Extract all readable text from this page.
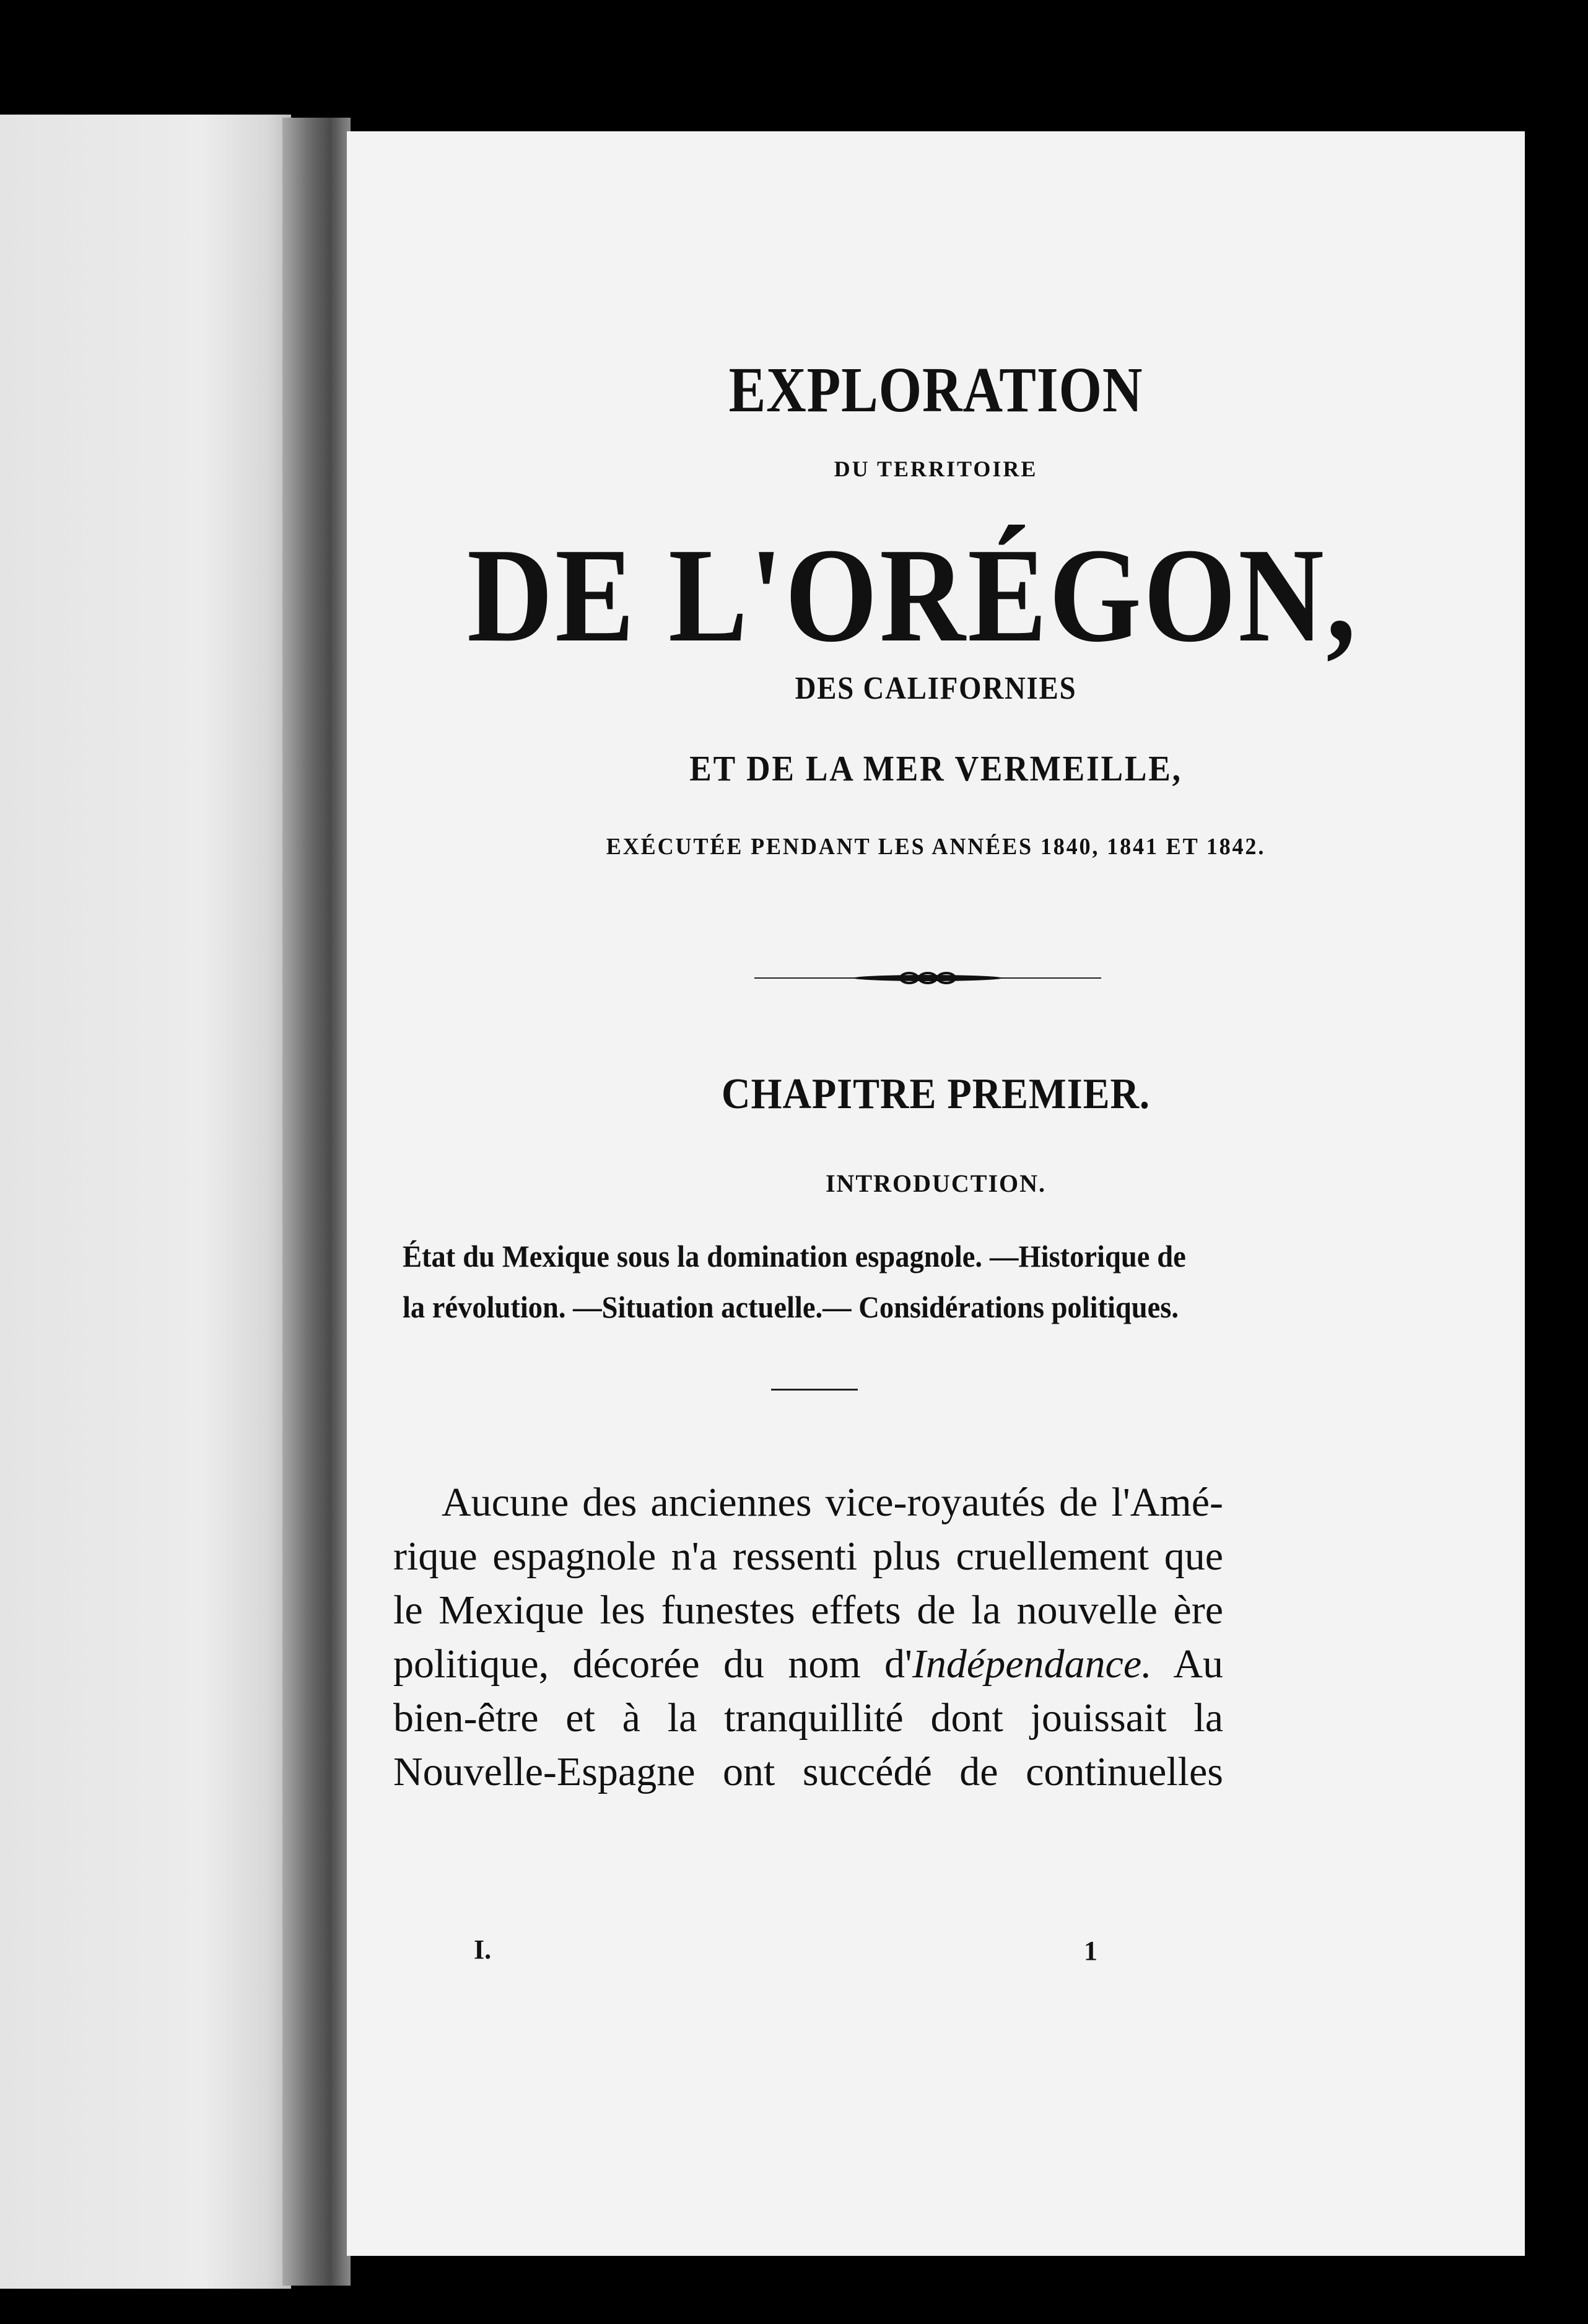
EXPLORATION
DU TERRITOIRE
DE L'ORÉGON,
DES CALIFORNIES
ET DE LA MER VERMEILLE,
EXÉCUTÉE PENDANT LES ANNÉES 1840, 1841 ET 1842.
CHAPITRE PREMIER.
INTRODUCTION.
État du Mexique sous la domination espagnole. —Historique de la révolution. —Situation actuelle.— Considérations politiques.
Aucune des anciennes vice-royautés de l'Amé-
rique espagnole n'a ressenti plus cruellement que
le Mexique les funestes effets de la nouvelle ère
politique, décorée du nom d'Indépendance. Au
bien-être et à la tranquillité dont jouissait la
Nouvelle-Espagne ont succédé de continuelles
I.	1
